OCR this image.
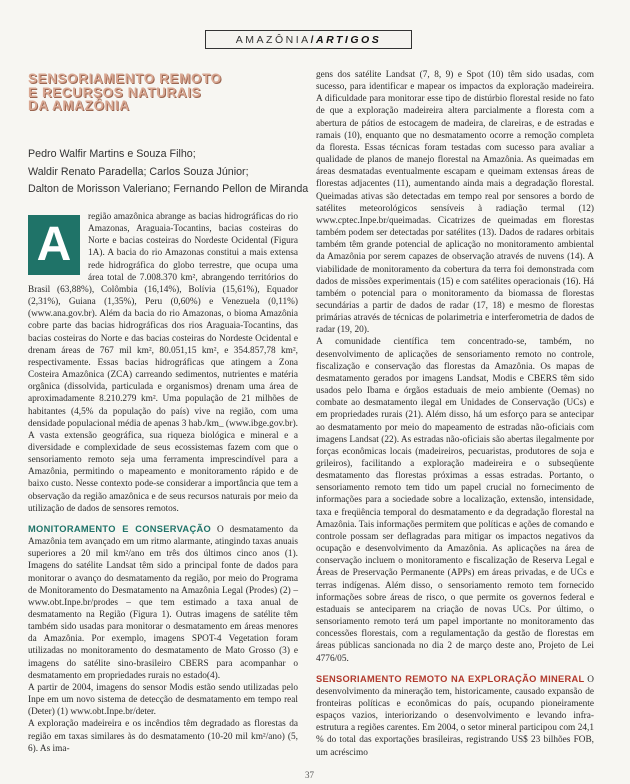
AMAZÔNIA / ARTIGOS
SENSORIAMENTO REMOTO
E RECURSOS NATURAIS
DA AMAZÔNIA
Pedro Walfir Martins e Souza Filho;
Waldir Renato Paradella; Carlos Souza Júnior;
Dalton de Morisson Valeriano; Fernando Pellon de Miranda

A
região amazônica abrange as bacias hidrográficas do rio Amazonas, Araguaia-Tocantins, bacias costeiras do Norte e bacias costeiras do Nordeste Ocidental (Figura 1A). A bacia do rio Amazonas constitui a mais extensa rede hidrográfica do globo terrestre, que ocupa uma área total de 7.008.370 km², abrangendo territórios do Brasil (63,88%), Colômbia (16,14%), Bolívia (15,61%), Equador (2,31%), Guiana (1,35%), Peru (0,60%) e Venezuela (0,11%) (www.ana.gov.br). Além da bacia do rio Amazonas, o bioma Amazônia cobre parte das bacias hidrográficas dos rios Araguaia-Tocantins, das bacias costeiras do Norte e das bacias costeiras do Nordeste Ocidental e drenam áreas de 767 mil km², 80.051,15 km², e 354.857,78 km², respectivamente. Essas bacias hidrográficas que atingem a Zona Costeira Amazônica (ZCA) carreando sedimentos, nutrientes e matéria orgânica (dissolvida, particulada e organismos) drenam uma área de aproximadamente 8.210.279 km². Uma população de 21 milhões de habitantes (4,5% da população do país) vive na região, com uma densidade populacional média de apenas 3 hab./km_ (www.ibge.gov.br). A vasta extensão geográfica, sua riqueza biológica e mineral e a diversidade e complexidade de seus ecossistemas fazem com que o sensoriamento remoto seja uma ferramenta imprescindível para a Amazônia, permitindo o mapeamento e monitoramento rápido e de baixo custo. Nesse contexto pode-se considerar a importância que tem a observação da região amazônica e de seus recursos naturais por meio da utilização de dados de sensores remotos.

MONITORAMENTO E CONSERVAÇÃO O desmatamento da Amazônia tem avançado em um ritmo alarmante, atingindo taxas anuais superiores a 20 mil km²/ano em três dos últimos cinco anos (1). Imagens do satélite Landsat têm sido a principal fonte de dados para monitorar o avanço do desmatamento da região, por meio do Programa de Monitoramento do Desmatamento na Amazônia Legal (Prodes) (2) – www.obt.Inpe.br/prodes – que tem estimado a taxa anual de desmatamento na Região (Figura 1). Outras imagens de satélite têm também sido usadas para monitorar o desmatamento em áreas menores da Amazônia. Por exemplo, imagens SPOT-4 Vegetation foram utilizadas no monitoramento do desmatamento de Mato Grosso (3) e imagens do satélite sino-brasileiro CBERS para acompanhar o desmatamento em propriedades rurais no estado(4).

A partir de 2004, imagens do sensor Modis estão sendo utilizadas pelo Inpe em um novo sistema de detecção de desmatamento em tempo real (Deter) (1) www.obt.Inpe.br/deter.

A exploração madeireira e os incêndios têm degradado as florestas da região em taxas similares às do desmatamento (10-20 mil km²/ano) (5, 6). As ima-

gens dos satélite Landsat (7, 8, 9) e Spot (10) têm sido usadas, com sucesso, para identificar e mapear os impactos da exploração madeireira. A dificuldade para monitorar esse tipo de distúrbio florestal reside no fato de que a exploração madeireira altera parcialmente a floresta com a abertura de pátios de estocagem de madeira, de clareiras, e de estradas e ramais (10), enquanto que no desmatamento ocorre a remoção completa da floresta. Essas técnicas foram testadas com sucesso para avaliar a qualidade de planos de manejo florestal na Amazônia. As queimadas em áreas desmatadas eventualmente escapam e queimam extensas áreas de florestas adjacentes (11), aumentando ainda mais a degradação florestal. Queimadas ativas são detectadas em tempo real por sensores a bordo de satélites meteorológicos sensíveis à radiação termal (12) www.cptec.Inpe.br/queimadas. Cicatrizes de queimadas em florestas também podem ser detectadas por satélites (13). Dados de radares orbitais também têm grande potencial de aplicação no monitoramento ambiental da Amazônia por serem capazes de observação através de nuvens (14). A viabilidade de monitoramento da cobertura da terra foi demonstrada com dados de missões experimentais (15) e com satélites operacionais (16). Há também o potencial para o monitoramento da biomassa de florestas secundárias a partir de dados de radar (17, 18) e mesmo de florestas primárias através de técnicas de polarimetria e interferometria de dados de radar (19, 20).

A comunidade científica tem concentrado-se, também, no desenvolvimento de aplicações de sensoriamento remoto no controle, fiscalização e conservação das florestas da Amazônia. Os mapas de desmatamento gerados por imagens Landsat, Modis e CBERS têm sido usados pelo Ibama e órgãos estaduais de meio ambiente (Oemas) no combate ao desmatamento ilegal em Unidades de Conservação (UCs) e em propriedades rurais (21). Além disso, há um esforço para se antecipar ao desmatamento por meio do mapeamento de estradas não-oficiais com imagens Landsat (22). As estradas não-oficiais são abertas ilegalmente por forças econômicas locais (madeireiros, pecuaristas, produtores de soja e grileiros), facilitando a exploração madeireira e o subseqüente desmatamento das florestas próximas a essas estradas. Portanto, o sensoriamento remoto tem tido um papel crucial no fornecimento de informações para a sociedade sobre a localização, extensão, intensidade, taxa e freqüência temporal do desmatamento e da degradação florestal na Amazônia. Tais informações permitem que políticas e ações de comando e controle possam ser deflagradas para mitigar os impactos negativos da ocupação e desenvolvimento da Amazônia. As aplicações na área de conservação incluem o monitoramento e fiscalização de Reserva Legal e Áreas de Preservação Permanente (APPs) em áreas privadas, e de UCs e terras indígenas. Além disso, o sensoriamento remoto tem fornecido informações sobre áreas de risco, o que permite os governos federal e estaduais se anteciparem na criação de novas UCs. Por último, o sensoriamento remoto terá um papel importante no monitoramento das concessões florestais, com a regulamentação da gestão de florestas em áreas públicas sancionada no dia 2 de março deste ano, Projeto de Lei 4776/05.

SENSORIAMENTO REMOTO NA EXPLORAÇÃO MINERAL O desenvolvimento da mineração tem, historicamente, causado expansão de fronteiras políticas e econômicas do país, ocupando pioneiramente espaços vazios, interiorizando o desenvolvimento e levando infra-estrutura a regiões carentes. Em 2004, o setor mineral participou com 24,1 % do total das exportações brasileiras, registrando US$ 23 bilhões FOB, um acréscimo

37
